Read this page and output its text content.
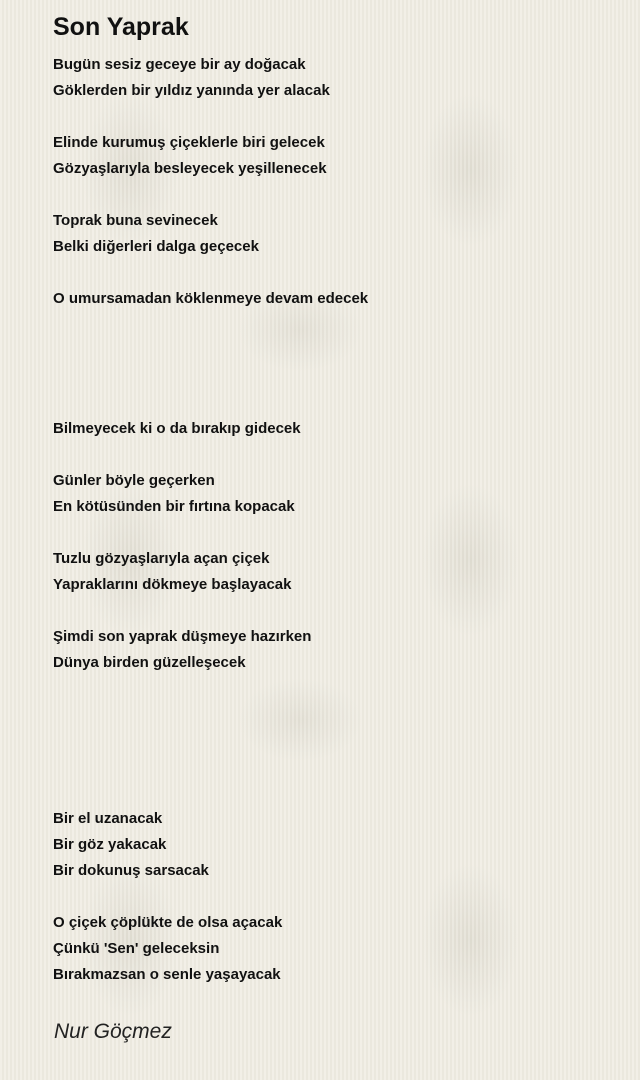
Son Yaprak
Bugün sesiz geceye bir ay doğacak
Göklerden bir yıldız yanında yer alacak
Elinde kurumuş çiçeklerle biri gelecek
Gözyaşlarıyla besleyecek yeşillenecek
Toprak buna sevinecek
Belki diğerleri dalga geçecek
O umursamadan köklenmeye devam edecek
Bilmeyecek ki o da bırakıp gidecek
Günler böyle geçerken
En kötüsünden bir fırtına kopacak
Tuzlu gözyaşlarıyla açan çiçek
Yapraklarını dökmeye başlayacak
Şimdi son yaprak düşmeye hazırken
Dünya birden güzelleşecek
Bir el uzanacak
Bir göz yakacak
Bir dokunuş sarsacak
O çiçek çöplükte de olsa açacak
Çünkü 'Sen' geleceksin
Bırakmazsan o senle yaşayacak
Nur Göçmez
